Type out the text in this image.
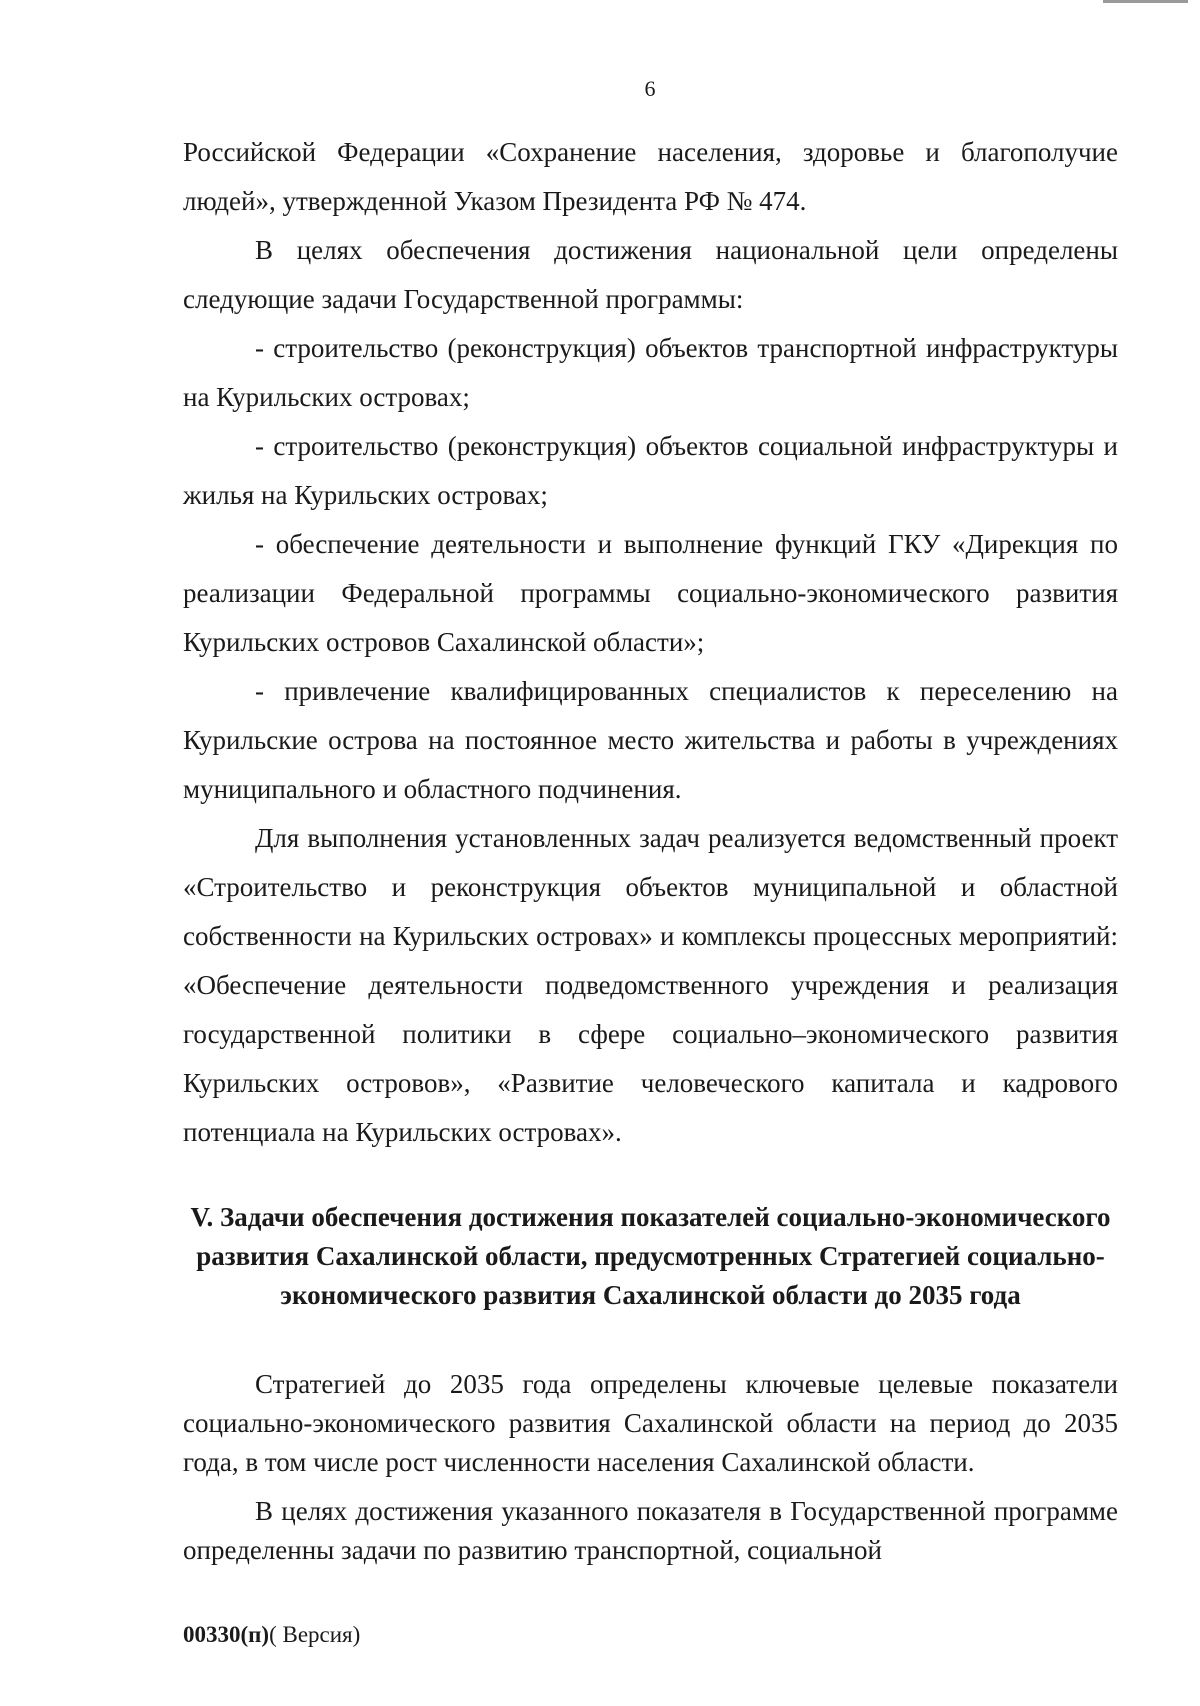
6

Российской Федерации «Сохранение населения, здоровье и благополучие людей», утвержденной Указом Президента РФ № 474.

В целях обеспечения достижения национальной цели определены следующие задачи Государственной программы:

- строительство (реконструкция) объектов транспортной инфраструктуры на Курильских островах;

- строительство (реконструкция) объектов социальной инфраструктуры и жилья на Курильских островах;

- обеспечение деятельности и выполнение функций ГКУ «Дирекция по реализации Федеральной программы социально-экономического развития Курильских островов Сахалинской области»;

- привлечение квалифицированных специалистов к переселению на Курильские острова на постоянное место жительства и работы в учреждениях муниципального и областного подчинения.

Для выполнения установленных задач реализуется ведомственный проект «Строительство и реконструкция объектов муниципальной и областной собственности на Курильских островах» и комплексы процессных мероприятий: «Обеспечение деятельности подведомственного учреждения и реализация государственной политики в сфере социально–экономического развития Курильских островов», «Развитие человеческого капитала и кадрового потенциала на Курильских островах».

V. Задачи обеспечения достижения показателей социально-экономического развития Сахалинской области, предусмотренных Стратегией социально-экономического развития Сахалинской области до 2035 года

Стратегией до 2035 года определены ключевые целевые показатели социально-экономического развития Сахалинской области на период до 2035 года, в том числе рост численности населения Сахалинской области.

В целях достижения указанного показателя в Государственной программе определенны задачи по развитию транспортной, социальной

00330(п)( Версия)
